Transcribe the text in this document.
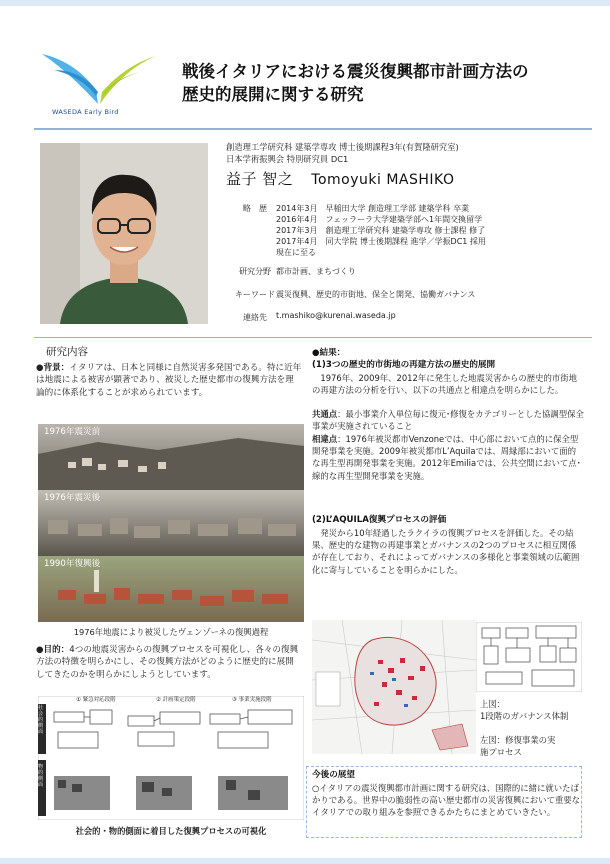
WASEDA Early Bird
戦後イタリアにおける震災復興都市計画方法の
歴史的展開に関する研究
創造理工学研究科 建築学専攻 博士後期課程3年(有賀隆研究室)
日本学術振興会 特別研究員 DC1
益子 智之 Tomoyuki MASHIKO
略　歴	2014年3月　早稲田大学 創造理工学部 建築学科 卒業
2016年4月　フェッラーラ大学建築学部へ1年間交換留学
2017年3月　創造理工学研究科 建築学専攻 修士課程 修了
2017年4月　同大学院 博士後期課程 進学／学振DC1 採用
現在に至る
研究分野 都市計画、まちづくり
キーワード 震災復興、歴史的市街地、保全と開発、協働ガバナンス
連絡先	t.mashiko@kurenai.waseda.jp
研究内容
●背景：イタリアは、日本と同様に自然災害多発国である。特に近年は地震による被害が顕著であり、被災した歴史都市の復興方法を理論的に体系化することが求められています。
1976年震災前
1976年震災後
1990年復興後
1976年地震により被災したヴェンゾーネの復興過程
●目的：4つの地震災害からの復興プロセスを可視化し、各々の復興方法の特徴を明らかにし、その復興方法がどのように歴史的に展開してきたのかを明らかにしようとしています。
① 緊急対応段階	② 計画策定段階	③ 事業実施段階
社会的側面
物的側面
社会的・物的側面に着目した復興プロセスの可視化
●結果：
(1)3つの歴史的市街地の再建方法の歴史的展開
1976年、2009年、2012年に発生した地震災害からの歴史的市街地の再建方法の分析を行い、以下の共通点と相違点を明らかにした。
共通点：最小事業介入単位毎に復元･修復をカテゴリーとした協調型保全事業が実施されていること
相違点：1976年被災都市Venzoneでは、中心部において点的に保全型開発事業を実施。2009年被災都市L’Aquilaでは、周縁部において面的な再生型再開発事業を実施。2012年Emiliaでは、公共空間において点･線的な再生型開発事業を実施。
(2)L’AQUILA復興プロセスの評価
発災から10年経過したラクイラの復興プロセスを評価した。その結果、歴史的な建物の再建事業とガバナンスの2つのプロセスに相互関係が存在しており、それによってガバナンスの多様化と事業領域の広範囲化に寄与していることを明らかにした。
上図：
1段階のガバナンス体制
左図：修復事業の実
施プロセス
今後の展望
○イタリアの震災復興都市計画に関する研究は、国際的に緒に就いたばかりである。世界中の脆弱性の高い歴史都市の災害復興において重要なイタリアでの取り組みを参照できるかたちにまとめていきたい。
